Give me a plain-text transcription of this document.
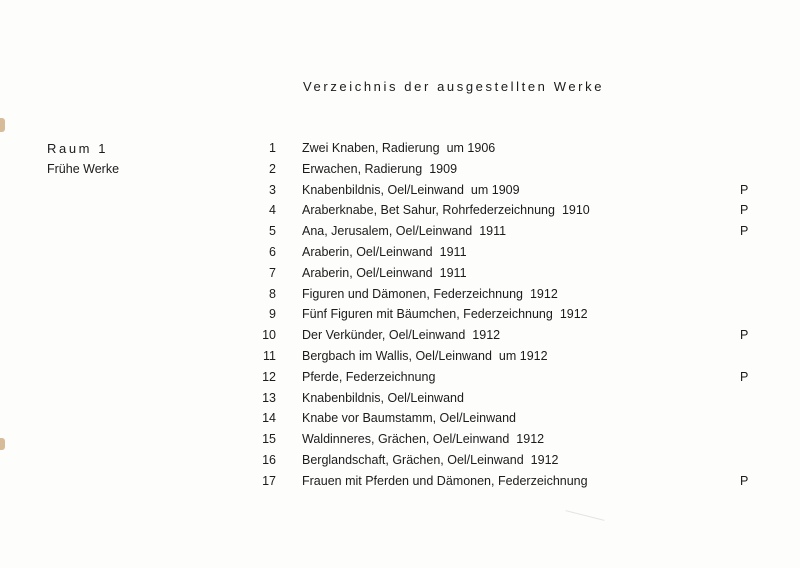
Verzeichnis der ausgestellten Werke
Raum 1
Frühe Werke
1 Zwei Knaben, Radierung um 1906
2 Erwachen, Radierung 1909
3 Knabenbildnis, Oel/Leinwand um 1909	P
4 Araberknabe, Bet Sahur, Rohrfederzeichnung 1910	P
5 Ana, Jerusalem, Oel/Leinwand 1911	P
6 Araberin, Oel/Leinwand 1911
7 Araberin, Oel/Leinwand 1911
8 Figuren und Dämonen, Federzeichnung 1912
9 Fünf Figuren mit Bäumchen, Federzeichnung 1912
10 Der Verkünder, Oel/Leinwand 1912	P
11 Bergbach im Wallis, Oel/Leinwand um 1912
12 Pferde, Federzeichnung	P
13 Knabenbildnis, Oel/Leinwand
14 Knabe vor Baumstamm, Oel/Leinwand
15 Waldinneres, Grächen, Oel/Leinwand 1912
16 Berglandschaft, Grächen, Oel/Leinwand 1912
17 Frauen mit Pferden und Dämonen, Federzeichnung	P
